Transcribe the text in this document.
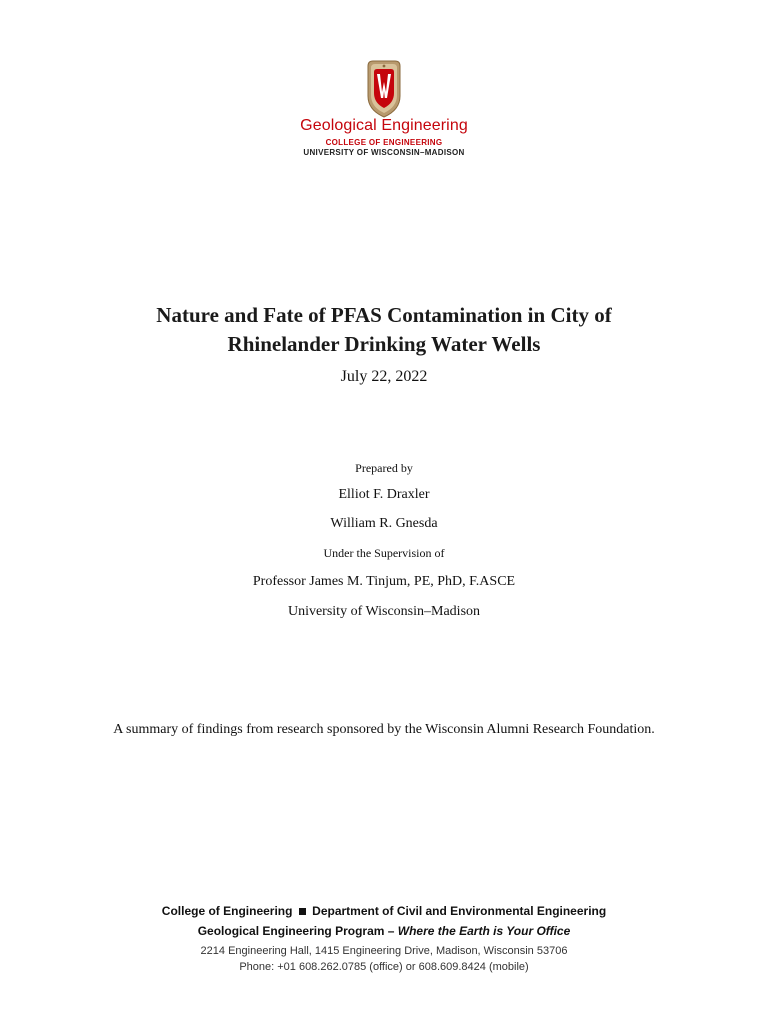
Geological Engineering
COLLEGE OF ENGINEERING
UNIVERSITY OF WISCONSIN–MADISON
Nature and Fate of PFAS Contamination in City of
Rhinelander Drinking Water Wells
July 22, 2022
Prepared by
Elliot F. Draxler
William R. Gnesda
Under the Supervision of
Professor James M. Tinjum, PE, PhD, F.ASCE
University of Wisconsin–Madison
A summary of findings from research sponsored by the Wisconsin Alumni Research Foundation.
College of Engineering Department of Civil and Environmental Engineering
Geological Engineering Program – Where the Earth is Your Office
2214 Engineering Hall, 1415 Engineering Drive, Madison, Wisconsin 53706
Phone: +01 608.262.0785 (office) or 608.609.8424 (mobile)
